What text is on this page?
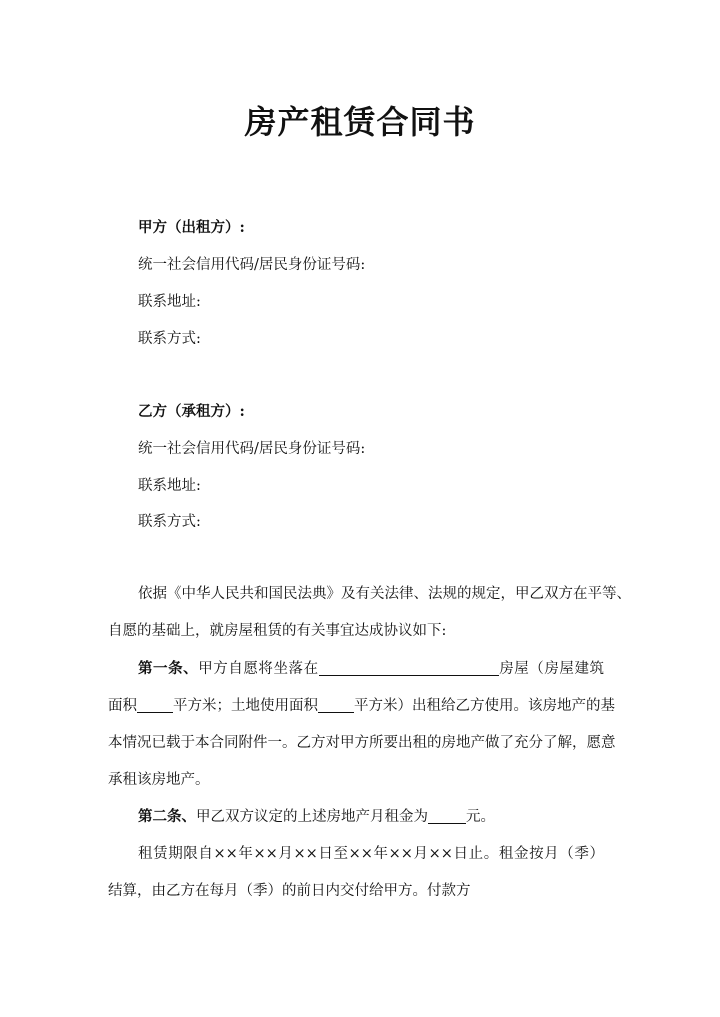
房产租赁合同书
甲方（出租方）:
统一社会信用代码/居民身份证号码:
联系地址:
联系方式:
乙方（承租方）:
统一社会信用代码/居民身份证号码:
联系地址:
联系方式:
依据《中华人民共和国民法典》及有关法律、法规的规定，甲乙双方在平等、
自愿的基础上，就房屋租赁的有关事宜达成协议如下:
第一条、甲方自愿将坐落在	房屋（房屋建筑
面积 平方米；土地使用面积 平方米）出租给乙方使用。该房地产的基
本情况已载于本合同附件一。乙方对甲方所要出租的房地产做了充分了解，愿意
承租该房地产。
第二条、甲乙双方议定的上述房地产月租金为	元。
租赁期限自××年××月××日至××年××月××日止。租金按月（季）
结算，由乙方在每月（季）的前日内交付给甲方。付款方
